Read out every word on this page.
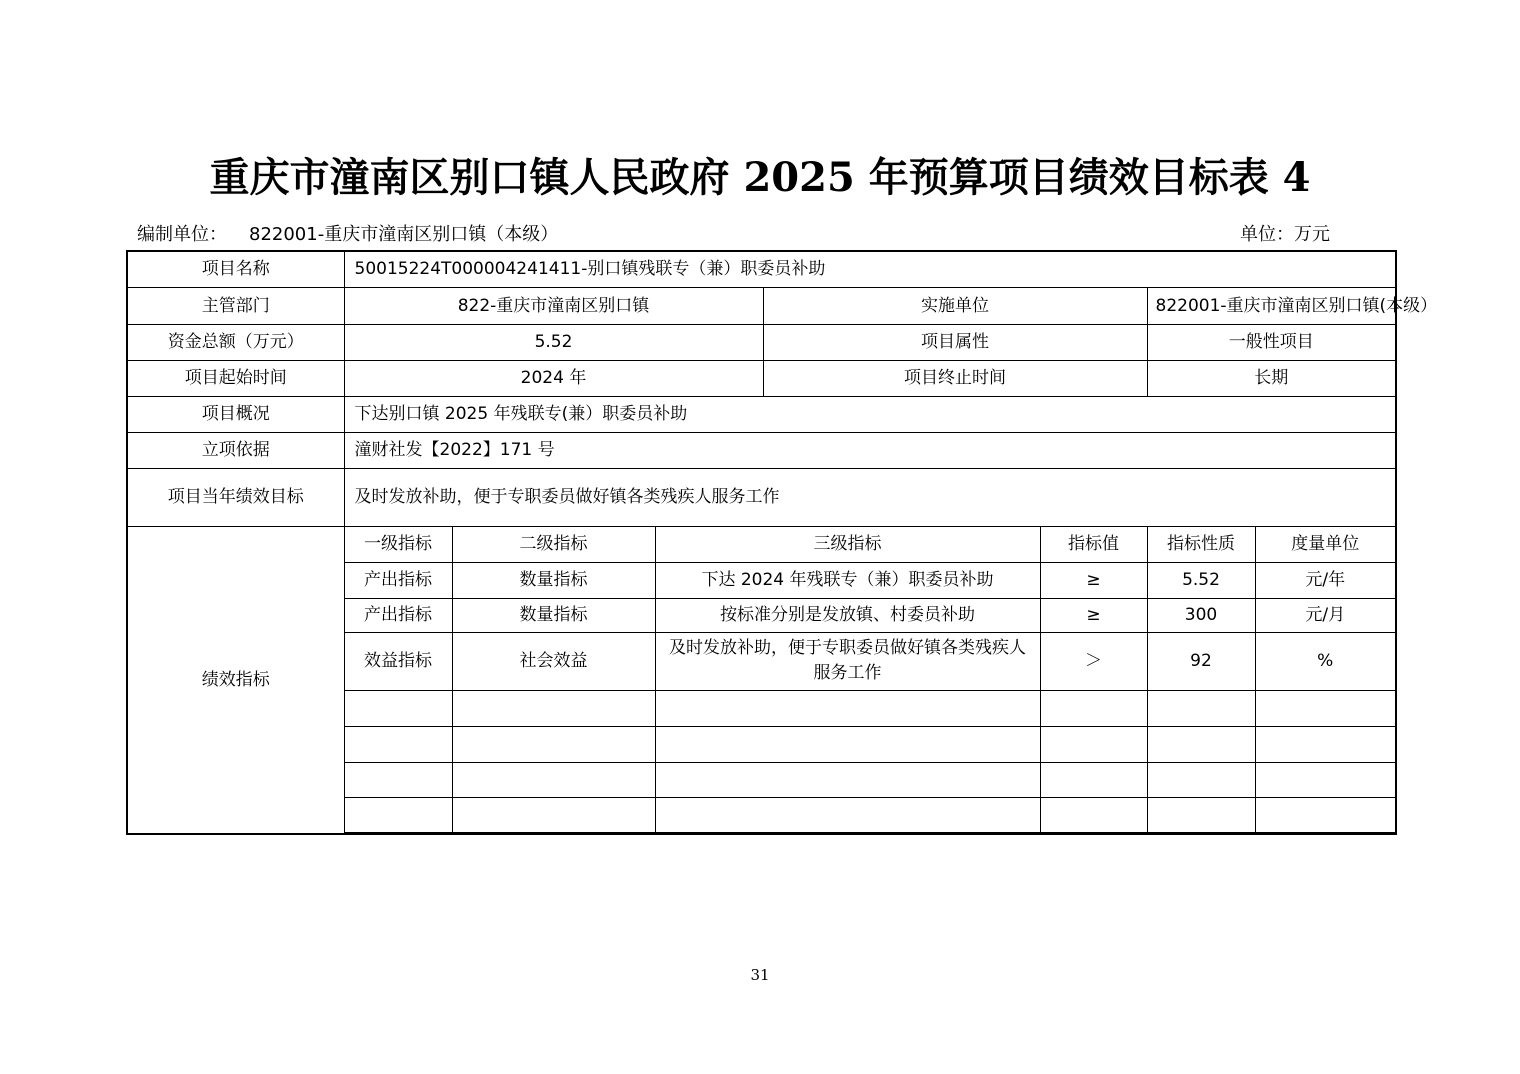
重庆市潼南区别口镇人民政府 2025 年预算项目绩效目标表 4
编制单位： 822001-重庆市潼南区别口镇（本级）	单位：万元
项目名称	50015224T000004241411-别口镇残联专（兼）职委员补助						
主管部门	822-重庆市潼南区别口镇			实施单位		822001-重庆市潼南区别口镇(本级）	
资金总额（万元）	5.52			项目属性		一般性项目	
项目起始时间	2024 年			项目终止时间		长期	
项目概况	下达别口镇 2025 年残联专(兼）职委员补助						
立项依据	潼财社发【2022】171 号						
项目当年绩效目标	及时发放补助，便于专职委员做好镇各类残疾人服务工作						
绩效指标	一级指标	二级指标	三级指标		指标值	指标性质	度量单位
	产出指标	数量指标	下达 2024 年残联专（兼）职委员补助		≥	5.52	元/年
	产出指标	数量指标	按标准分别是发放镇、村委员补助		≥	300	元/月
	效益指标	社会效益	及时发放补助，便于专职委员做好镇各类残疾人服务工作		＞	92	%

31
